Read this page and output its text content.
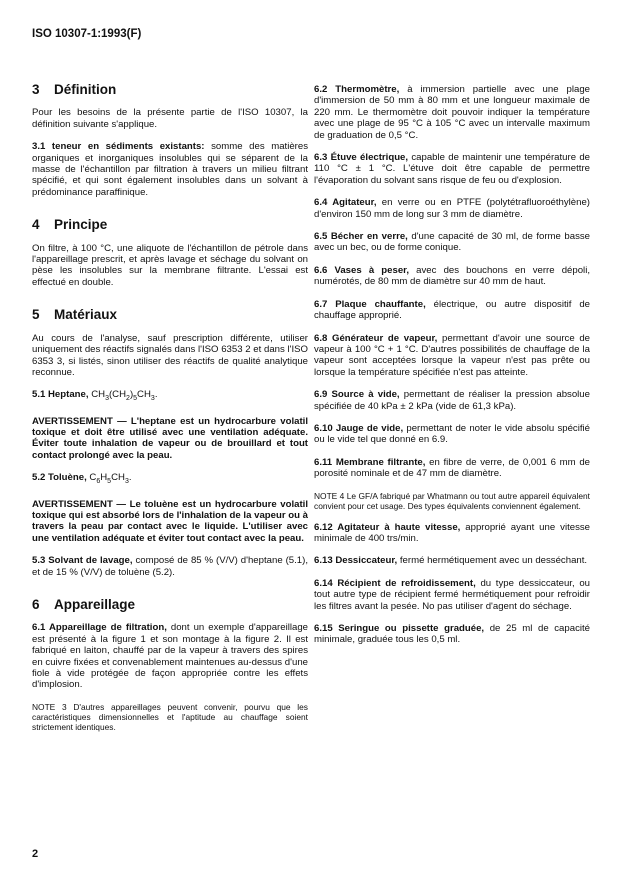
ISO 10307-1:1993(F)
3 Définition

Pour les besoins de la présente partie de l'ISO 10307, la définition suivante s'applique.

3.1 teneur en sédiments existants: somme des matières organiques et inorganiques insolubles qui se séparent de la masse de l'échantillon par filtration à travers un milieu filtrant spécifié, et qui sont également insolubles dans un solvant à prédominance paraffinique.

4 Principe

On filtre, à 100 °C, une aliquote de l'échantillon de pétrole dans l'appareillage prescrit, et après lavage et séchage du solvant on pèse les insolubles sur la membrane filtrante. L'essai est effectué en double.

5 Matériaux

Au cours de l'analyse, sauf prescription différente, utiliser uniquement des réactifs signalés dans l'ISO 6353 2 et dans l'ISO 6353 3, si listés, sinon utiliser des réactifs de qualité analytique reconnue.

5.1 Heptane, $CH_3(CH_2)_5CH_3$.

AVERTISSEMENT — L'heptane est un hydrocarbure volatil toxique et doit être utilisé avec une ventilation adéquate. Éviter toute inhalation de vapeur ou de brouillard et tout contact prolongé avec la peau.

5.2 Toluène, $C_6H_5CH_3$.

AVERTISSEMENT — Le toluène est un hydrocarbure volatil toxique qui est absorbé lors de l'inhalation de la vapeur ou à travers la peau par contact avec le liquide. L'utiliser avec une ventilation adéquate et éviter tout contact avec la peau.

5.3 Solvant de lavage, composé de 85 % (V/V) d'heptane (5.1), et de 15 % (V/V) de toluène (5.2).

6 Appareillage

6.1 Appareillage de filtration, dont un exemple d'appareillage est présenté à la figure 1 et son montage à la figure 2. Il est fabriqué en laiton, chauffé par de la vapeur à travers des spires en cuivre fixées et convenablement maintenues au-dessus d'une fiole à vide protégée de façon appropriée contre les effets d'implosion.

NOTE 3 D'autres appareillages peuvent convenir, pourvu que les caractéristiques dimensionnelles et l'aptitude au chauffage soient strictement identiques.

6.2 Thermomètre, à immersion partielle avec une plage d'immersion de 50 mm à 80 mm et une longueur maximale de 220 mm. Le thermomètre doit pouvoir indiquer la température avec une plage de 95 °C à 105 °C avec un intervalle maximum de graduation de 0,5 °C.

6.3 Étuve électrique, capable de maintenir une température de 110 °C ± 1 °C. L'étuve doit être capable de permettre l'évaporation du solvant sans risque de feu ou d'explosion.

6.4 Agitateur, en verre ou en PTFE (polytétrafluoroéthylène) d'environ 150 mm de long sur 3 mm de diamètre.

6.5 Bécher en verre, d'une capacité de 30 ml, de forme basse avec un bec, ou de forme conique.

6.6 Vases à peser, avec des bouchons en verre dépoli, numérotés, de 80 mm de diamètre sur 40 mm de haut.

6.7 Plaque chauffante, électrique, ou autre dispositif de chauffage approprié.

6.8 Générateur de vapeur, permettant d'avoir une source de vapeur à 100 °C + 1 °C. D'autres possibilités de chauffage de la vapeur sont acceptées lorsque la vapeur n'est pas prête ou lorsque la température spécifiée n'est pas atteinte.

6.9 Source à vide, permettant de réaliser la pression absolue spécifiée de 40 kPa ± 2 kPa (vide de 61,3 kPa).

6.10 Jauge de vide, permettant de noter le vide absolu spécifié ou le vide tel que donné en 6.9.

6.11 Membrane filtrante, en fibre de verre, de 0,001 6 mm de porosité nominale et de 47 mm de diamètre.

NOTE 4 Le GF/A fabriqué par Whatmann ou tout autre appareil équivalent convient pour cet usage. Des types équivalents conviennent également.

6.12 Agitateur à haute vitesse, approprié ayant une vitesse minimale de 400 trs/min.

6.13 Dessiccateur, fermé hermétiquement avec un desséchant.

6.14 Récipient de refroidissement, du type dessiccateur, ou tout autre type de récipient fermé hermétiquement pour refroidir les filtres avant la pesée. No pas utiliser d'agent do séchage.

6.15 Seringue ou pissette graduée, de 25 ml de capacité minimale, graduée tous les 0,5 ml.

2
